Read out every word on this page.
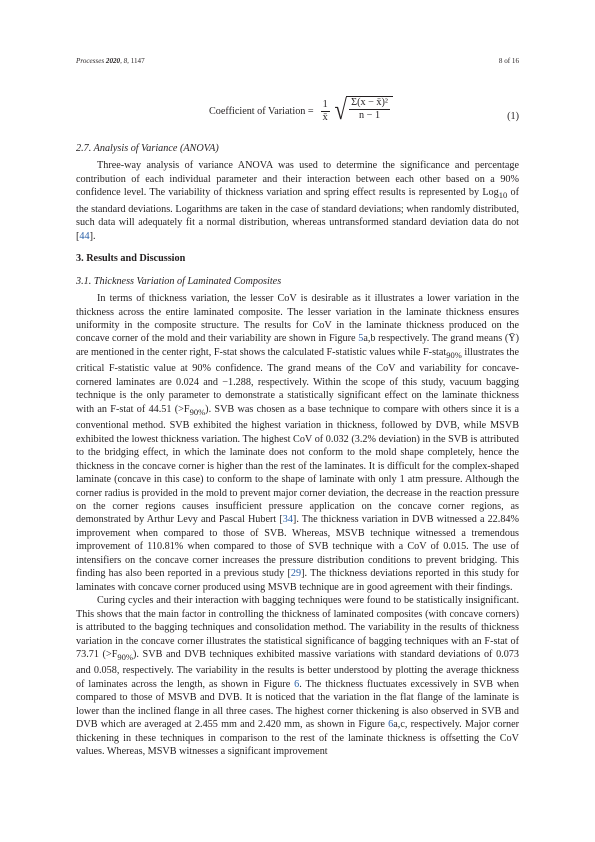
Processes 2020, 8, 1147	8 of 16
Coefficient of Variation = $\frac{1}{x̄}$ √ $\frac{\text{Σ(x − x̄)²}}{n - 1}$	(1)
2.7. Analysis of Variance (ANOVA)

Three-way analysis of variance ANOVA was used to determine the significance and percentage contribution of each individual parameter and their interaction between each other based on a 90% confidence level. The variability of thickness variation and spring effect results is represented by Log$_{10}$ of the standard deviations. Logarithms are taken in the case of standard deviations; when randomly distributed, such data will adequately fit a normal distribution, whereas untransformed standard deviation data do not [44].

3. Results and Discussion
3.1. Thickness Variation of Laminated Composites

In terms of thickness variation, the lesser CoV is desirable as it illustrates a lower variation in the thickness across the entire laminated composite. The lesser variation in the laminate thickness ensures uniformity in the composite structure. The results for CoV in the laminate thickness produced on the concave corner of the mold and their variability are shown in Figure 5a,b respectively. The grand means (Ȳ) are mentioned in the center right, F-stat shows the calculated F-statistic values while F-stat$_{90\%}$ illustrates the critical F-statistic value at 90% confidence. The grand means of the CoV and variability for concave-cornered laminates are 0.024 and −1.288, respectively. Within the scope of this study, vacuum bagging technique is the only parameter to demonstrate a statistically significant effect on the laminate thickness with an F-stat of 44.51 $(>F_{90\%})$. SVB was chosen as a base technique to compare with others since it is a conventional method. SVB exhibited the highest variation in thickness, followed by DVB, while MSVB exhibited the lowest thickness variation. The highest CoV of 0.032 (3.2% deviation) in the SVB is attributed to the bridging effect, in which the laminate does not conform to the mold shape completely, hence the thickness in the concave corner is higher than the rest of the laminates. It is difficult for the complex-shaped laminate (concave in this case) to conform to the shape of laminate with only 1 atm pressure. Although the corner radius is provided in the mold to prevent major corner deviation, the decrease in the reaction pressure on the corner regions causes insufficient pressure application on the concave corner regions, as demonstrated by Arthur Levy and Pascal Hubert [34]. The thickness variation in DVB witnessed a 22.84% improvement when compared to those of SVB. Whereas, MSVB technique witnessed a tremendous improvement of 110.81% when compared to those of SVB technique with a CoV of 0.015. The use of intensifiers on the concave corner increases the pressure distribution conditions to prevent bridging. This finding has also been reported in a previous study [29]. The thickness deviations reported in this study for laminates with concave corner produced using MSVB technique are in good agreement with their findings.

Curing cycles and their interaction with bagging techniques were found to be statistically insignificant. This shows that the main factor in controlling the thickness of laminated composites (with concave corners) is attributed to the bagging techniques and consolidation method. The variability in the results of thickness variation in the concave corner illustrates the statistical significance of bagging techniques with an F-stat of 73.71 $(>F_{90\%})$. SVB and DVB techniques exhibited massive variations with standard deviations of 0.073 and 0.058, respectively. The variability in the results is better understood by plotting the average thickness of laminates across the length, as shown in Figure 6. The thickness fluctuates excessively in SVB when compared to those of MSVB and DVB. It is noticed that the variation in the flat flange of the laminate is lower than the inclined flange in all three cases. The highest corner thickening is also observed in SVB and DVB which are averaged at 2.455 mm and 2.420 mm, as shown in Figure 6a,c, respectively. Major corner thickening in these techniques in comparison to the rest of the laminate thickness is offsetting the CoV values. Whereas, MSVB witnesses a significant improvement
